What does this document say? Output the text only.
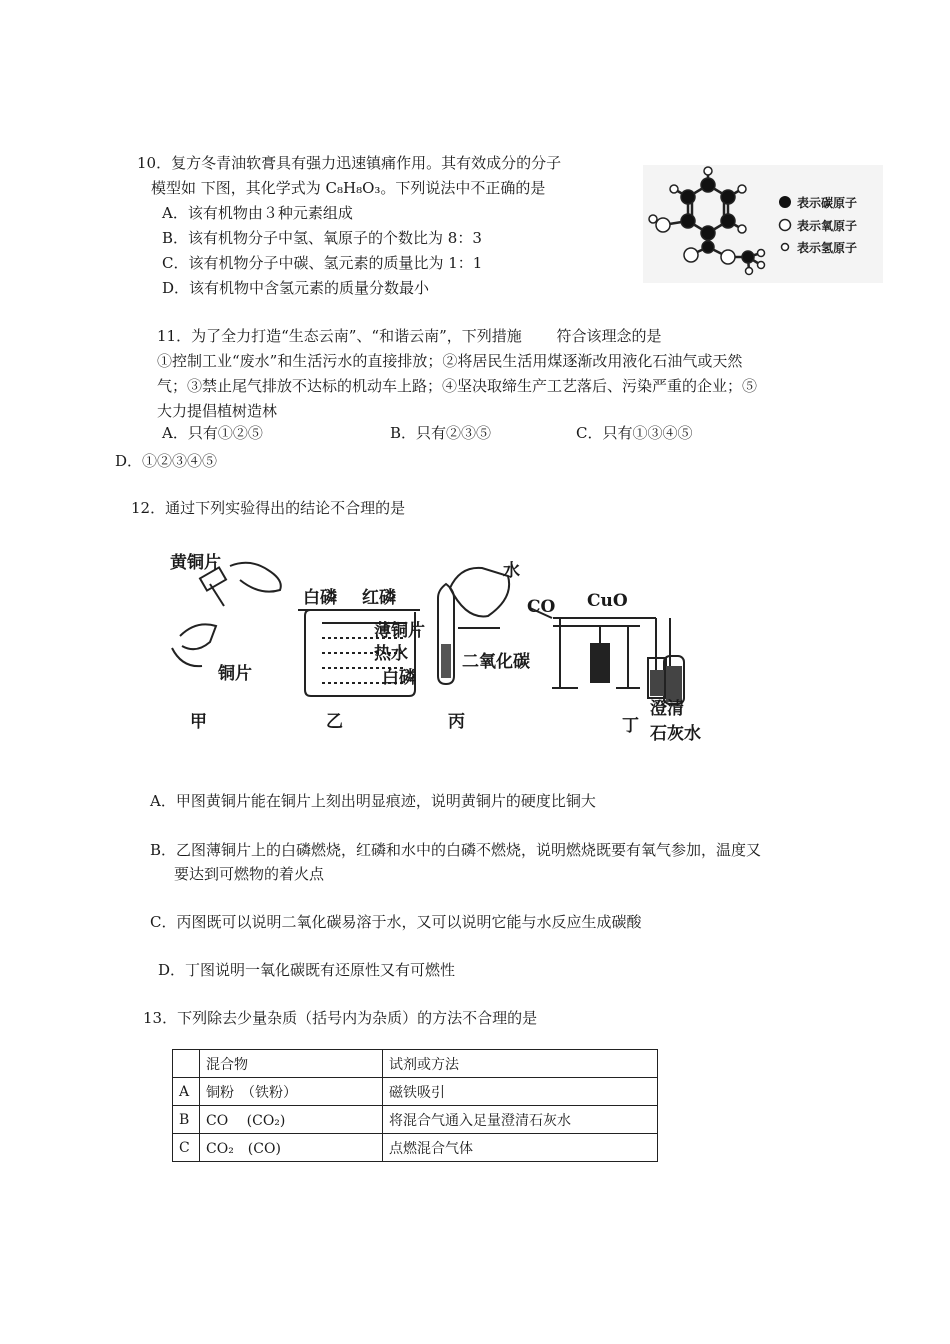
10．复方冬青油软膏具有强力迅速镇痛作用。其有效成分的分子
模型如 下图，其化学式为 C₈H₈O₃。下列说法中不正确的是
A．该有机物由３种元素组成
B．该有机物分子中氢、氧原子的个数比为 8：3
C．该有机物分子中碳、氢元素的质量比为 1：1
D．该有机物中含氢元素的质量分数最小
表示碳原子
表示氧原子
表示氢原子
11．为了全力打造“生态云南”、“和谐云南”，下列措施　　 符合该理念的是
①控制工业“废水”和生活污水的直接排放；②将居民生活用煤逐渐改用液化石油气或天然
气；③禁止尾气排放不达标的机动车上路；④坚决取缔生产工艺落后、污染严重的企业；⑤
大力提倡植树造林
A．只有①②⑤	B．只有②③⑤	C．只有①③④⑤
D．①②③④⑤
12．通过下列实验得出的结论不合理的是
黄铜片
铜片
白磷 红磷
薄铜片
热水
白磷
水
二氧化碳
CO CuO
澄清
石灰水
甲	乙	丙	丁
A．甲图黄铜片能在铜片上刻出明显痕迹，说明黄铜片的硬度比铜大
B．乙图薄铜片上的白磷燃烧，红磷和水中的白磷不燃烧，说明燃烧既要有氧气参加，温度又
要达到可燃物的着火点
C．丙图既可以说明二氧化碳易溶于水，又可以说明它能与水反应生成碳酸
D．丁图说明一氧化碳既有还原性又有可燃性
13．下列除去少量杂质（括号内为杂质）的方法不合理的是
	混合物	试剂或方法
A	铜粉　（铁粉）	磁铁吸引
B	CO　 (CO₂)	将混合气通入足量澄清石灰水
C	CO₂　(CO)	点燃混合气体
